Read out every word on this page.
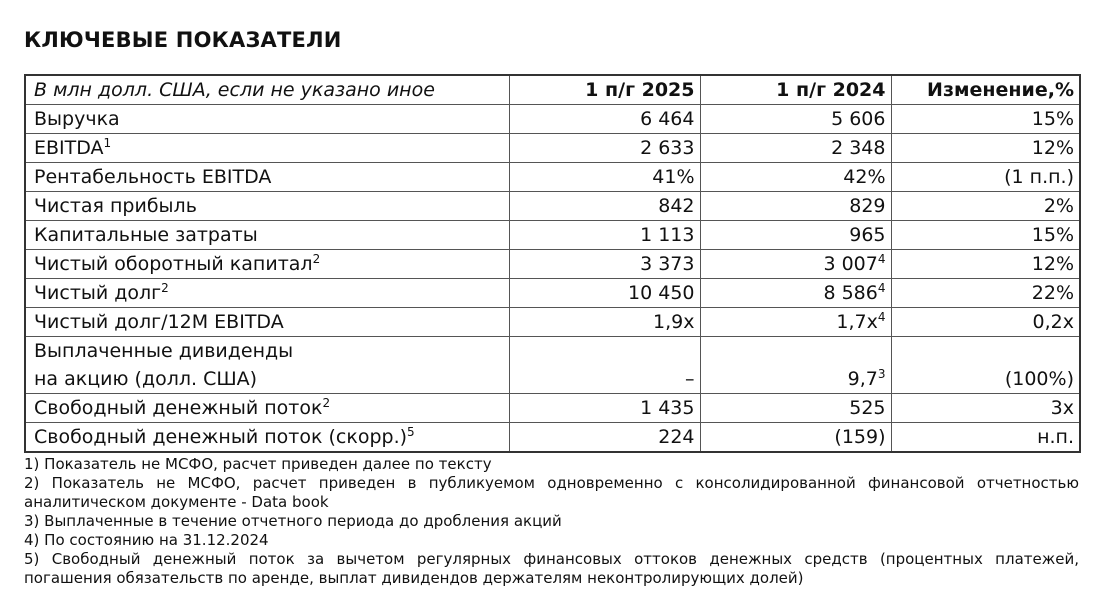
КЛЮЧЕВЫЕ ПОКАЗАТЕЛИ
В млн долл. США, если не указано иное	1 п/г 2025	1 п/г 2024	Изменение,%
Выручка	6 464	5 606	15%
EBITDA$^1$	2 633	2 348	12%
Рентабельность EBITDA	41%	42%	(1 п.п.)
Чистая прибыль	842	829	2%
Капитальные затраты	1 113	965	15%
Чистый оборотный капитал$^2$	3 373	3 $007^4$	12%
Чистый долг$^2$	10 450	8 $586^4$	22%
Чистый долг/12M EBITDA	1,9x	$1,7x^4$	0,2x

Выплаченные дивиденды
на акцию (долл. США)	–	$9,7^3$	(100%)
Свободный денежный поток$^2$	1 435	525	3x
Свободный денежный поток (скорр.)$^5$	224	(159)	н.п.

1) Показатель не МСФО, расчет приведен далее по тексту

2) Показатель не МСФО, расчет приведен в публикуемом одновременно с консолидированной финансовой отчетностью аналитическом документе - Data book

3) Выплаченные в течение отчетного периода до дробления акций

4) По состоянию на 31.12.2024

5) Свободный денежный поток за вычетом регулярных финансовых оттоков денежных средств (процентных платежей, погашения обязательств по аренде, выплат дивидендов держателям неконтролирующих долей)
